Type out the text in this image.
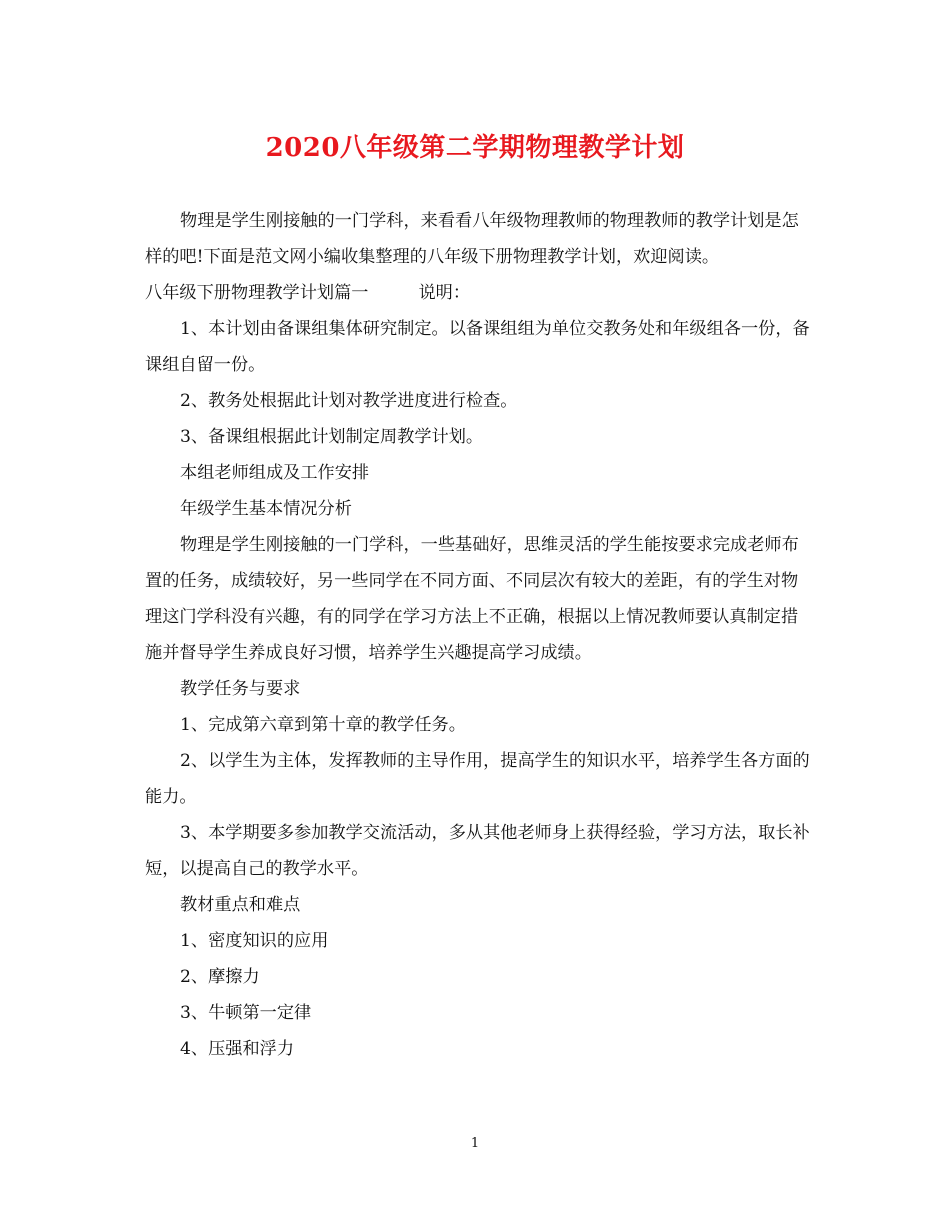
2020八年级第二学期物理教学计划

物理是学生刚接触的一门学科，来看看八年级物理教师的物理教师的教学计划是怎样的吧!下面是范文网小编收集整理的八年级下册物理教学计划，欢迎阅读。

八年级下册物理教学计划篇一	说明：

1、本计划由备课组集体研究制定。以备课组组为单位交教务处和年级组各一份，备课组自留一份。

2、教务处根据此计划对教学进度进行检查。

3、备课组根据此计划制定周教学计划。

本组老师组成及工作安排

年级学生基本情况分析

物理是学生刚接触的一门学科，一些基础好，思维灵活的学生能按要求完成老师布置的任务，成绩较好，另一些同学在不同方面、不同层次有较大的差距，有的学生对物理这门学科没有兴趣，有的同学在学习方法上不正确，根据以上情况教师要认真制定措施并督导学生养成良好习惯，培养学生兴趣提高学习成绩。

教学任务与要求

1、完成第六章到第十章的教学任务。

2、以学生为主体，发挥教师的主导作用，提高学生的知识水平，培养学生各方面的能力。

3、本学期要多参加教学交流活动，多从其他老师身上获得经验，学习方法，取长补短，以提高自己的教学水平。

教材重点和难点

1、密度知识的应用

2、摩擦力

3、牛顿第一定律

4、压强和浮力

1
